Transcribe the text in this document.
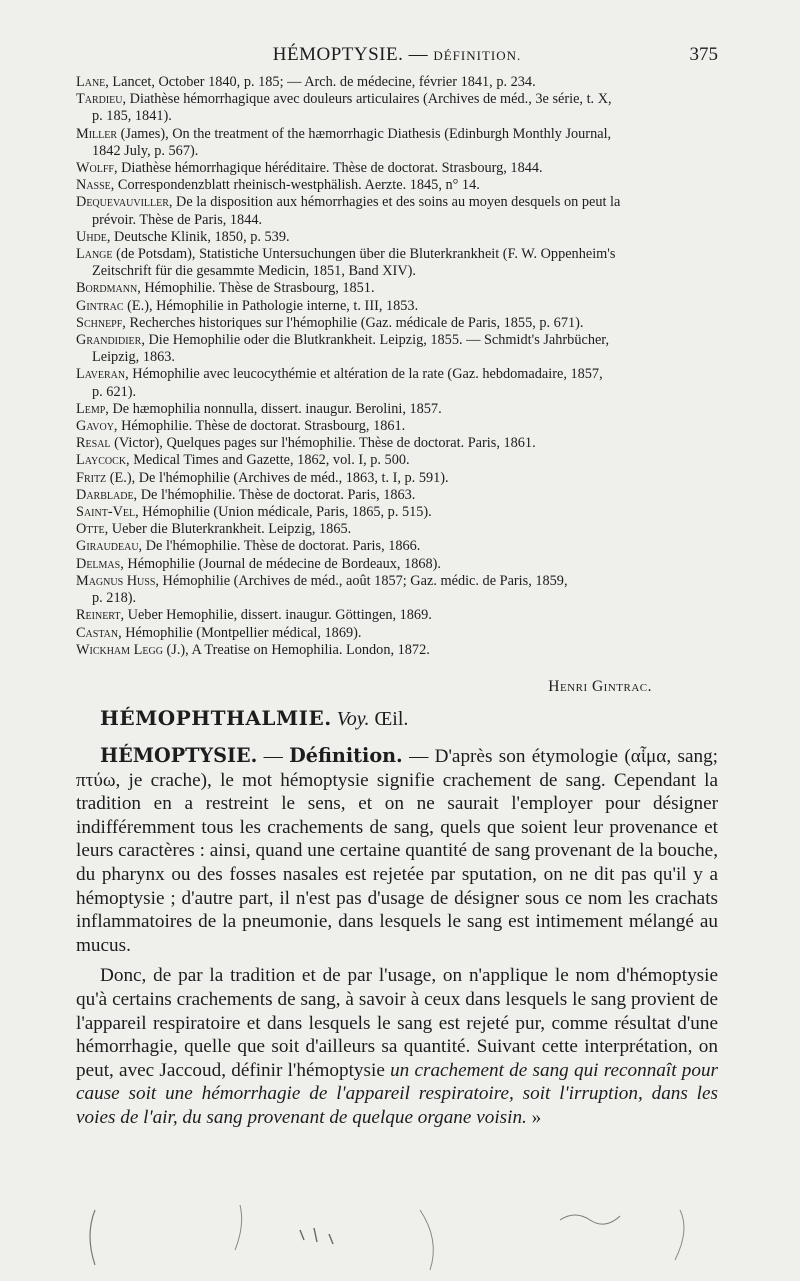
HÉMOPTYSIE. — DÉFINITION.	375
Lane, Lancet, October 1840, p. 185; — Arch. de médecine, février 1841, p. 234.
Tardieu, Diathèse hémorrhagique avec douleurs articulaires (Archives de méd., 3e série, t. X,
p. 185, 1841).
Miller (James), On the treatment of the hæmorrhagic Diathesis (Edinburgh Monthly Journal,
1842 July, p. 567).
Wolff, Diathèse hémorrhagique héréditaire. Thèse de doctorat. Strasbourg, 1844.
Nasse, Correspondenzblatt rheinisch-westphälish. Aerzte. 1845, n° 14.
Dequevauviller, De la disposition aux hémorrhagies et des soins au moyen desquels on peut la
prévoir. Thèse de Paris, 1844.
Uhde, Deutsche Klinik, 1850, p. 539.
Lange (de Potsdam), Statistiche Untersuchungen über die Bluterkrankheit (F. W. Oppenheim's
Zeitschrift für die gesammte Medicin, 1851, Band XIV).
Bordmann, Hémophilie. Thèse de Strasbourg, 1851.
Gintrac (E.), Hémophilie in Pathologie interne, t. III, 1853.
Schnepf, Recherches historiques sur l'hémophilie (Gaz. médicale de Paris, 1855, p. 671).
Grandidier, Die Hemophilie oder die Blutkrankheit. Leipzig, 1855. — Schmidt's Jahrbücher,
Leipzig, 1863.
Laveran, Hémophilie avec leucocythémie et altération de la rate (Gaz. hebdomadaire, 1857,
p. 621).
Lemp, De hæmophilia nonnulla, dissert. inaugur. Berolini, 1857.
Gavoy, Hémophilie. Thèse de doctorat. Strasbourg, 1861.
Resal (Victor), Quelques pages sur l'hémophilie. Thèse de doctorat. Paris, 1861.
Laycock, Medical Times and Gazette, 1862, vol. I, p. 500.
Fritz (E.), De l'hémophilie (Archives de méd., 1863, t. I, p. 591).
Darblade, De l'hémophilie. Thèse de doctorat. Paris, 1863.
Saint-Vel, Hémophilie (Union médicale, Paris, 1865, p. 515).
Otte, Ueber die Bluterkrankheit. Leipzig, 1865.
Giraudeau, De l'hémophilie. Thèse de doctorat. Paris, 1866.
Delmas, Hémophilie (Journal de médecine de Bordeaux, 1868).
Magnus Huss, Hémophilie (Archives de méd., août 1857; Gaz. médic. de Paris, 1859,
p. 218).
Reinert, Ueber Hemophilie, dissert. inaugur. Göttingen, 1869.
Castan, Hémophilie (Montpellier médical, 1869).
Wickham Legg (J.), A Treatise on Hemophilia. London, 1872.
Henri Gintrac.
HÉMOPHTHALMIE. Voy. Œil.

HÉMOPTYSIE. — Définition. — D'après son étymologie (αἷμα, sang; πτύω, je crache), le mot hémoptysie signifie crachement de sang. Cependant la tradition en a restreint le sens, et on ne saurait l'employer pour désigner indifféremment tous les crachements de sang, quels que soient leur provenance et leurs caractères : ainsi, quand une certaine quantité de sang provenant de la bouche, du pharynx ou des fosses nasales est rejetée par sputation, on ne dit pas qu'il y a hémoptysie ; d'autre part, il n'est pas d'usage de désigner sous ce nom les crachats inflammatoires de la pneumonie, dans lesquels le sang est intimement mélangé au mucus.

Donc, de par la tradition et de par l'usage, on n'applique le nom d'hémoptysie qu'à certains crachements de sang, à savoir à ceux dans lesquels le sang provient de l'appareil respiratoire et dans lesquels le sang est rejeté pur, comme résultat d'une hémorrhagie, quelle que soit d'ailleurs sa quantité. Suivant cette interprétation, on peut, avec Jaccoud, définir l'hémoptysie un crachement de sang qui reconnaît pour cause soit une hémorrhagie de l'appareil respiratoire, soit l'irruption, dans les voies de l'air, du sang provenant de quelque organe voisin. »
